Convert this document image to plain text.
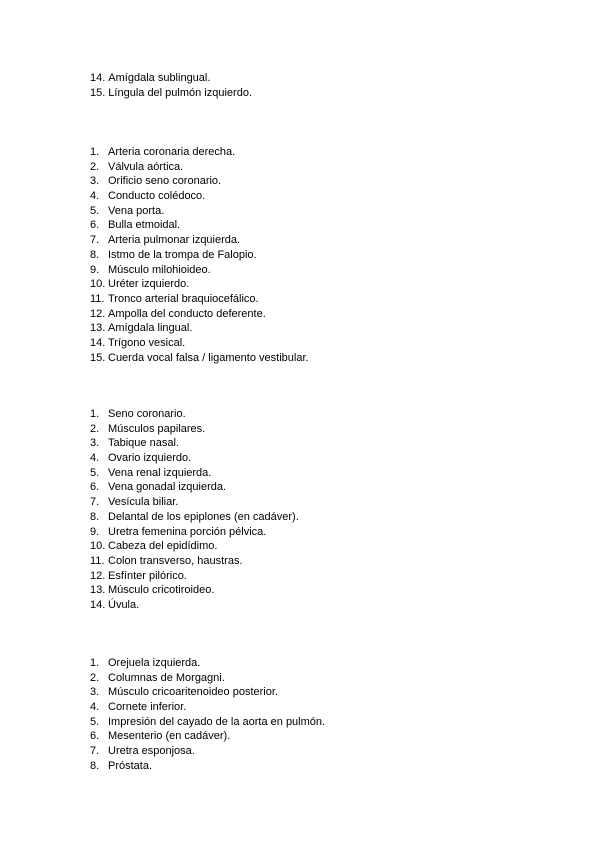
14. Amígdala sublingual.
15. Língula del pulmón izquierdo.
1. Arteria coronaria derecha.
2. Válvula aórtica.
3. Orificio seno coronario.
4. Conducto colédoco.
5. Vena porta.
6. Bulla etmoidal.
7. Arteria pulmonar izquierda.
8. Istmo de la trompa de Falopio.
9. Músculo milohioideo.
10. Uréter izquierdo.
11. Tronco arterial braquiocefálico.
12. Ampolla del conducto deferente.
13. Amígdala lingual.
14. Trígono vesical.
15. Cuerda vocal falsa / ligamento vestibular.
1. Seno coronario.
2. Músculos papilares.
3. Tabique nasal.
4. Ovario izquierdo.
5. Vena renal izquierda.
6. Vena gonadal izquierda.
7. Vesícula biliar.
8. Delantal de los epiplones (en cadáver).
9. Uretra femenina porción pélvica.
10. Cabeza del epidídimo.
11. Colon transverso, haustras.
12. Esfínter pilórico.
13. Músculo cricotiroideo.
14. Úvula.
1. Orejuela izquierda.
2. Columnas de Morgagni.
3. Músculo cricoaritenoideo posterior.
4. Cornete inferior.
5. Impresión del cayado de la aorta en pulmón.
6. Mesenterio (en cadáver).
7. Uretra esponjosa.
8. Próstata.
